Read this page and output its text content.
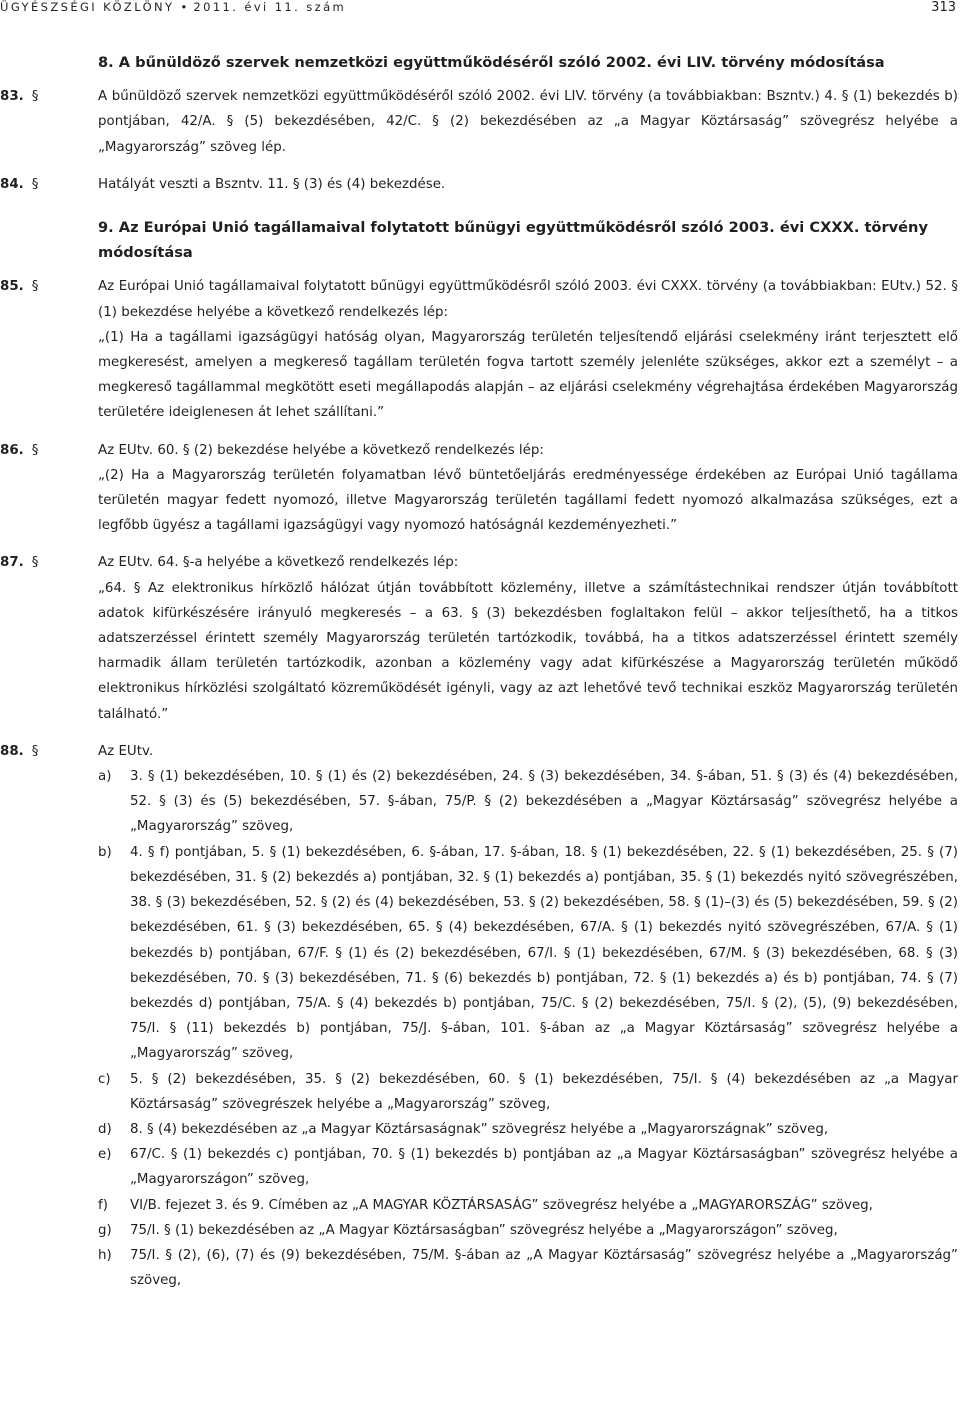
ÜGYÉSZSÉGI KÖZLÖNY • 2011. évi 11. szám	313
8. A bűnüldöző szervek nemzetközi együttműködéséről szóló 2002. évi LIV. törvény módosítása
83. §	A bűnüldöző szervek nemzetközi együttműködéséről szóló 2002. évi LIV. törvény (a továbbiakban: Bszntv.) 4. § (1) bekezdés b) pontjában, 42/A. § (5) bekezdésében, 42/C. § (2) bekezdésében az „a Magyar Köztársaság” szövegrész helyébe a „Magyarország” szöveg lép.

84. §	Hatályát veszti a Bszntv. 11. § (3) és (4) bekezdése.

9. Az Európai Unió tagállamaival folytatott bűnügyi együttműködésről szóló 2003. évi CXXX. törvény módosítása
85. §	Az Európai Unió tagállamaival folytatott bűnügyi együttműködésről szóló 2003. évi CXXX. törvény (a továbbiakban: EUtv.) 52. § (1) bekezdése helyébe a következő rendelkezés lép:

„(1) Ha a tagállami igazságügyi hatóság olyan, Magyarország területén teljesítendő eljárási cselekmény iránt terjesztett elő megkeresést, amelyen a megkereső tagállam területén fogva tartott személy jelenléte szükséges, akkor ezt a személyt – a megkereső tagállammal megkötött eseti megállapodás alapján – az eljárási cselekmény végrehajtása érdekében Magyarország területére ideiglenesen át lehet szállítani.”

86. §	Az EUtv. 60. § (2) bekezdése helyébe a következő rendelkezés lép:

„(2) Ha a Magyarország területén folyamatban lévő büntetőeljárás eredményessége érdekében az Európai Unió tagállama területén magyar fedett nyomozó, illetve Magyarország területén tagállami fedett nyomozó alkalmazása szükséges, ezt a legfőbb ügyész a tagállami igazságügyi vagy nyomozó hatóságnál kezdeményezheti.”

87. §	Az EUtv. 64. §-a helyébe a következő rendelkezés lép:

„64. § Az elektronikus hírközlő hálózat útján továbbított közlemény, illetve a számítástechnikai rendszer útján továbbított adatok kifürkészésére irányuló megkeresés – a 63. § (3) bekezdésben foglaltakon felül – akkor teljesíthető, ha a titkos adatszerzéssel érintett személy Magyarország területén tartózkodik, továbbá, ha a titkos adatszerzéssel érintett személy harmadik állam területén tartózkodik, azonban a közlemény vagy adat kifürkészése a Magyarország területén működő elektronikus hírközlési szolgáltató közreműködését igényli, vagy az azt lehetővé tevő technikai eszköz Magyarország területén található.”

88. §	Az EUtv.

a) 3. § (1) bekezdésében, 10. § (1) és (2) bekezdésében, 24. § (3) bekezdésében, 34. §-ában, 51. § (3) és (4) bekezdésében, 52. § (3) és (5) bekezdésében, 57. §-ában, 75/P. § (2) bekezdésében a „Magyar Köztársaság” szövegrész helyébe a „Magyarország” szöveg,

b) 4. § f) pontjában, 5. § (1) bekezdésében, 6. §-ában, 17. §-ában, 18. § (1) bekezdésében, 22. § (1) bekezdésében, 25. § (7) bekezdésében, 31. § (2) bekezdés a) pontjában, 32. § (1) bekezdés a) pontjában, 35. § (1) bekezdés nyitó szövegrészében, 38. § (3) bekezdésében, 52. § (2) és (4) bekezdésében, 53. § (2) bekezdésében, 58. § (1)–(3) és (5) bekezdésében, 59. § (2) bekezdésében, 61. § (3) bekezdésében, 65. § (4) bekezdésében, 67/A. § (1) bekezdés nyitó szövegrészében, 67/A. § (1) bekezdés b) pontjában, 67/F. § (1) és (2) bekezdésében, 67/I. § (1) bekezdésében, 67/M. § (3) bekezdésében, 68. § (3) bekezdésében, 70. § (3) bekezdésében, 71. § (6) bekezdés b) pontjában, 72. § (1) bekezdés a) és b) pontjában, 74. § (7) bekezdés d) pontjában, 75/A. § (4) bekezdés b) pontjában, 75/C. § (2) bekezdésében, 75/I. § (2), (5), (9) bekezdésében, 75/I. § (11) bekezdés b) pontjában, 75/J. §-ában, 101. §-ában az „a Magyar Köztársaság” szövegrész helyébe a „Magyarország” szöveg,

c) 5. § (2) bekezdésében, 35. § (2) bekezdésében, 60. § (1) bekezdésében, 75/I. § (4) bekezdésében az „a Magyar Köztársaság” szövegrészek helyébe a „Magyarország” szöveg,

d) 8. § (4) bekezdésében az „a Magyar Köztársaságnak” szövegrész helyébe a „Magyarországnak” szöveg,

e) 67/C. § (1) bekezdés c) pontjában, 70. § (1) bekezdés b) pontjában az „a Magyar Köztársaságban” szövegrész helyébe a „Magyarországon” szöveg,

f) VI/B. fejezet 3. és 9. Címében az „A MAGYAR KÖZTÁRSASÁG” szövegrész helyébe a „MAGYARORSZÁG” szöveg,

g) 75/I. § (1) bekezdésében az „A Magyar Köztársaságban” szövegrész helyébe a „Magyarországon” szöveg,

h) 75/I. § (2), (6), (7) és (9) bekezdésében, 75/M. §-ában az „A Magyar Köztársaság” szövegrész helyébe a „Magyarország” szöveg,
